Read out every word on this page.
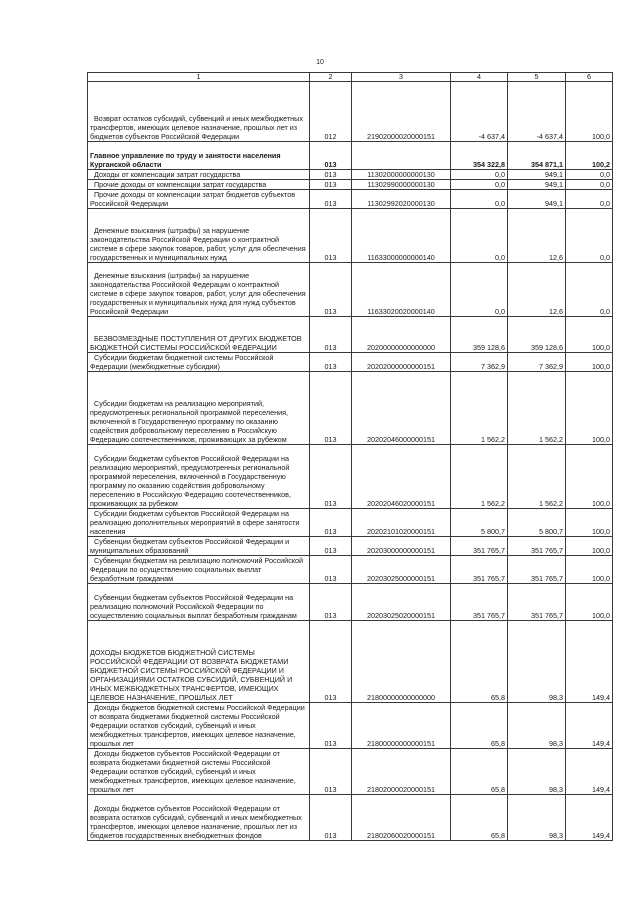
10
1	2	3	4	5	6
Возврат остатков субсидий, субвенций и иных межбюджетных трансфертов, имеющих целевое назначение, прошлых лет из бюджетов субъектов Российской Федерации	012	21902000020000151	-4 637,4	-4 637,4	100,0
Главное управление по труду и занятости населения Курганской области	013		354 322,8	354 871,1	100,2
Доходы от компенсации затрат государства	013	11302000000000130	0,0	949,1	0,0
Прочие доходы от компенсации затрат государства	013	11302990000000130	0,0	949,1	0,0
Прочие доходы от компенсации затрат бюджетов субъектов Российской Федерации	013	11302992020000130	0,0	949,1	0,0
Денежные взыскания (штрафы) за нарушение законодательства Российской Федерации о контрактной системе в сфере закупок товаров, работ, услуг для обеспечения государственных и муниципальных нужд	013	11633000000000140	0,0	12,6	0,0
Денежные взыскания (штрафы) за нарушение законодательства Российской Федерации о контрактной системе в сфере закупок товаров, работ, услуг для обеспечения государственных и муниципальных нужд для нужд субъектов Российской Федерации	013	11633020020000140	0,0	12,6	0,0
БЕЗВОЗМЕЗДНЫЕ ПОСТУПЛЕНИЯ ОТ ДРУГИХ БЮДЖЕТОВ БЮДЖЕТНОЙ СИСТЕМЫ РОССИЙСКОЙ ФЕДЕРАЦИИ	013	20200000000000000	359 128,6	359 128,6	100,0
Субсидии бюджетам бюджетной системы Российской Федерации (межбюджетные субсидии)	013	20202000000000151	7 362,9	7 362,9	100,0
Субсидии бюджетам на реализацию мероприятий, предусмотренных региональной программой переселения, включенной в Государственную программу по оказанию содействия добровольному переселению в Российскую Федерацию соотечественников, проживающих за рубежом	013	20202046000000151	1 562,2	1 562,2	100,0
Субсидии бюджетам субъектов Российской Федерации на реализацию мероприятий, предусмотренных региональной программой переселения, включенной в Государственную программу по оказанию содействия добровольному переселению в Российскую Федерацию соотечественников, проживающих за рубежом	013	20202046020000151	1 562,2	1 562,2	100,0
Субсидии бюджетам субъектов Российской Федерации на реализацию дополнительных мероприятий в сфере занятости населения	013	20202101020000151	5 800,7	5 800,7	100,0
Субвенции бюджетам субъектов Российской Федерации и муниципальных образований	013	20203000000000151	351 765,7	351 765,7	100,0
Субвенции бюджетам на реализацию полномочий Российской Федерации по осуществлению социальных выплат безработным гражданам	013	20203025000000151	351 765,7	351 765,7	100,0
Субвенции бюджетам субъектов Российской Федерации на реализацию полномочий Российской Федерации по осуществлению социальных выплат безработным гражданам	013	20203025020000151	351 765,7	351 765,7	100,0
ДОХОДЫ БЮДЖЕТОВ БЮДЖЕТНОЙ СИСТЕМЫ РОССИЙСКОЙ ФЕДЕРАЦИИ ОТ ВОЗВРАТА БЮДЖЕТАМИ БЮДЖЕТНОЙ СИСТЕМЫ РОССИЙСКОЙ ФЕДЕРАЦИИ И ОРГАНИЗАЦИЯМИ ОСТАТКОВ СУБСИДИЙ, СУБВЕНЦИЙ И ИНЫХ МЕЖБЮДЖЕТНЫХ ТРАНСФЕРТОВ, ИМЕЮЩИХ ЦЕЛЕВОЕ НАЗНАЧЕНИЕ, ПРОШЛЫХ ЛЕТ	013	21800000000000000	65,8	98,3	149,4
Доходы бюджетов бюджетной системы Российской Федерации от возврата бюджетами бюджетной системы Российской Федерации остатков субсидий, субвенций и иных межбюджетных трансфертов, имеющих целевое назначение, прошлых лет	013	21800000000000151	65,8	98,3	149,4
Доходы бюджетов субъектов Российской Федерации от возврата бюджетами бюджетной системы Российской Федерации остатков субсидий, субвенций и иных межбюджетных трансфертов, имеющих целевое назначение, прошлых лет	013	21802000020000151	65,8	98,3	149,4
Доходы бюджетов субъектов Российской Федерации от возврата остатков субсидий, субвенций и иных межбюджетных трансфертов, имеющих целевое назначение, прошлых лет из бюджетов государственных внебюджетных фондов	013	21802060020000151	65,8	98,3	149,4
